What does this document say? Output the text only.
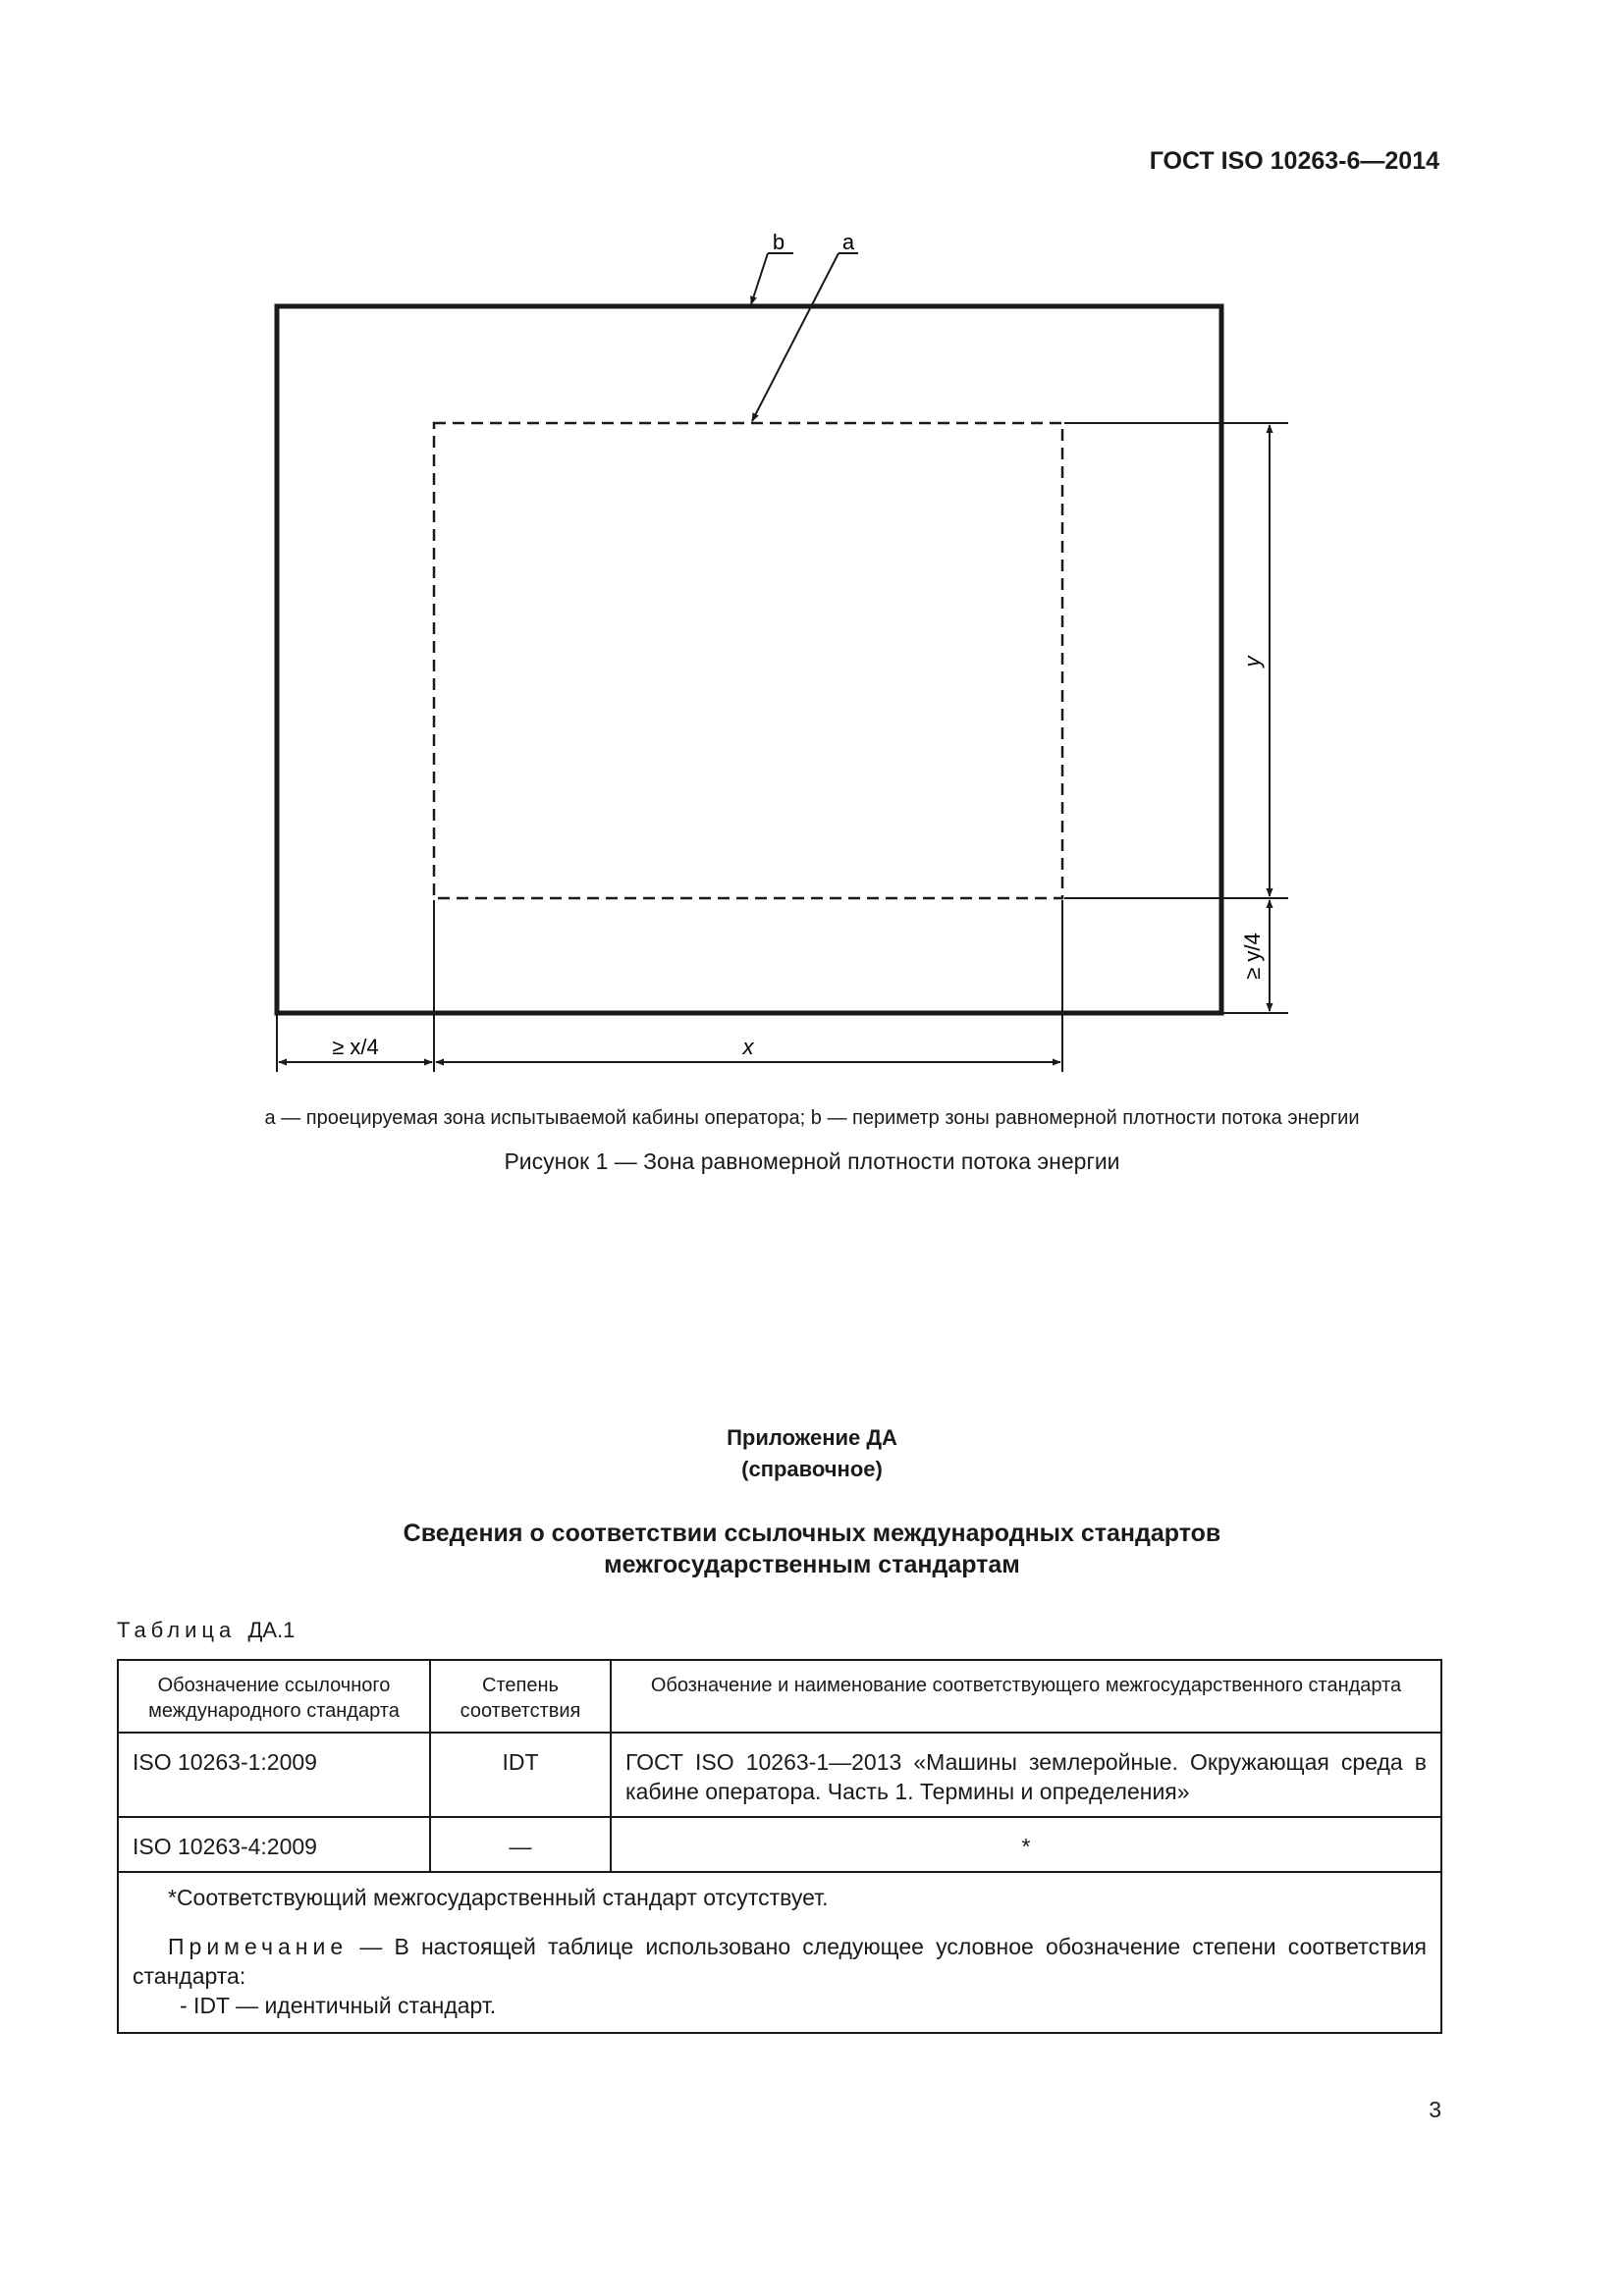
ГОСТ ISO 10263-6—2014
b	a
y
≥ y/4
≥ x/4	x
a — проецируемая зона испытываемой кабины оператора; b — периметр зоны равномерной плотности потока энергии
Рисунок 1 — Зона равномерной плотности потока энергии
Приложение ДА
(справочное)
Сведения о соответствии ссылочных международных стандартов
межгосударственным стандартам
Таблица ДА.1
Обозначение ссылочного международного стандарта	Степень соответствия	Обозначение и наименование соответствующего межгосударственного стандарта
ISO 10263-1:2009	IDT	ГОСТ ISO 10263-1—2013 «Машины землеройные. Окружающая среда в кабине оператора. Часть 1. Термины и определения»
ISO 10263-4:2009	—	*

*Соответствующий межгосударственный стандарт отсутствует.
Примечание — В настоящей таблице использовано следующее условное обозначение степени соответствия стандарта:
- IDT — идентичный стандарт.		
3
